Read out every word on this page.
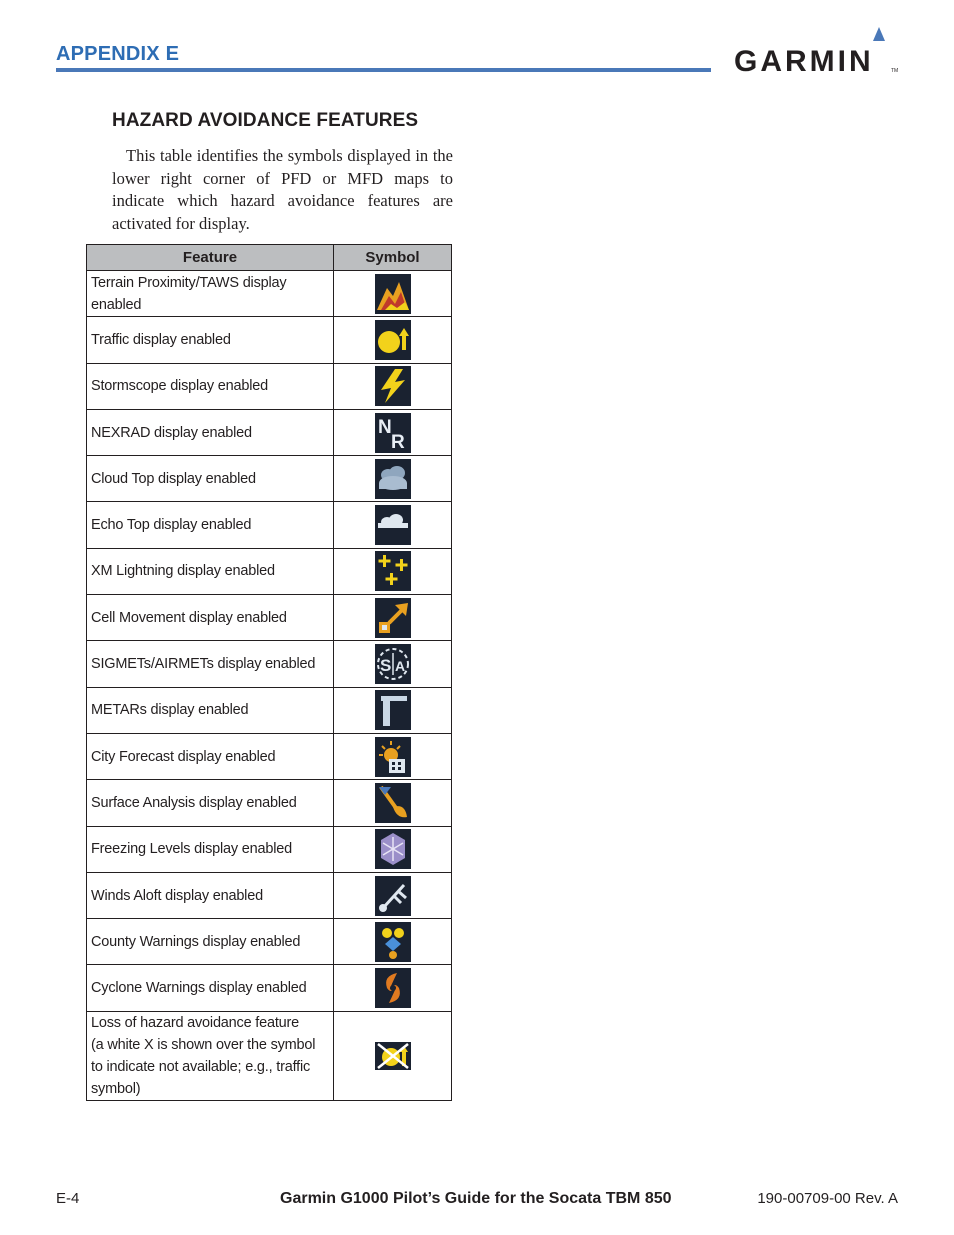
APPENDIX E	GARMIN	TM
HAZARD AVOIDANCE FEATURES
This table identifies the symbols displayed in the lower right corner of PFD or MFD maps to indicate which hazard avoidance features are activated for display.
Feature	Symbol

Terrain Proximity/TAWS display enabled

Traffic display enabled

Stormscope display enabled

NEXRAD display enabled	N
R

Cloud Top display enabled

Echo Top display enabled

XM Lightning display enabled

Cell Movement display enabled

SIGMETs/AIRMETs display enabled	S A

METARs display enabled

City Forecast display enabled

Surface Analysis display enabled

Freezing Levels display enabled

Winds Aloft display enabled

County Warnings display enabled

Cyclone Warnings display enabled

Loss of hazard avoidance feature
(a white X is shown over the symbol
to indicate not available; e.g., traffic
symbol)

E-4	Garmin G1000 Pilot’s Guide for the Socata TBM 850	190-00709-00 Rev. A
